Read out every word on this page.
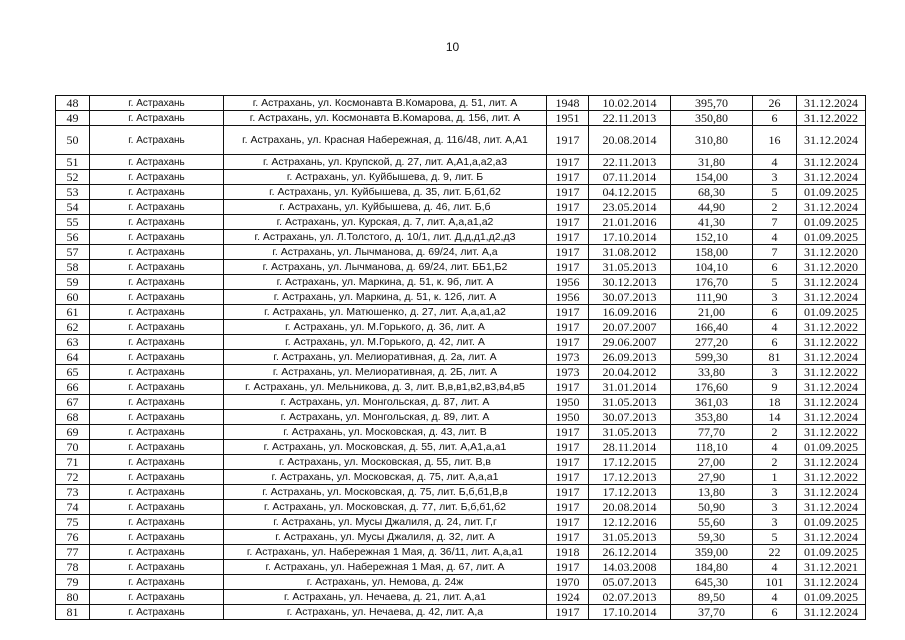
10
48	г. Астрахань	г. Астрахань, ул. Космонавта В.Комарова, д. 51, лит. А	1948	10.02.2014	395,70	26	31.12.2024
49	г. Астрахань	г. Астрахань, ул. Космонавта В.Комарова, д. 156, лит. А	1951	22.11.2013	350,80	6	31.12.2022
50	г. Астрахань	г. Астрахань, ул. Красная Набережная, д. 116/48, лит. А,А1	1917	20.08.2014	310,80	16	31.12.2024
51	г. Астрахань	г. Астрахань, ул. Крупской, д. 27, лит. А,А1,а,а2,а3	1917	22.11.2013	31,80	4	31.12.2024
52	г. Астрахань	г. Астрахань, ул. Куйбышева, д. 9, лит. Б	1917	07.11.2014	154,00	3	31.12.2024
53	г. Астрахань	г. Астрахань, ул. Куйбышева, д. 35, лит. Б,б1,б2	1917	04.12.2015	68,30	5	01.09.2025
54	г. Астрахань	г. Астрахань, ул. Куйбышева, д. 46, лит. Б,б	1917	23.05.2014	44,90	2	31.12.2024
55	г. Астрахань	г. Астрахань, ул. Курская, д. 7, лит. А,а,а1,а2	1917	21.01.2016	41,30	7	01.09.2025
56	г. Астрахань	г. Астрахань, ул. Л.Толстого, д. 10/1, лит. Д,д,д1,д2,д3	1917	17.10.2014	152,10	4	01.09.2025
57	г. Астрахань	г. Астрахань, ул. Лычманова, д. 69/24, лит. А,а	1917	31.08.2012	158,00	7	31.12.2020
58	г. Астрахань	г. Астрахань, ул. Лычманова, д. 69/24, лит. ББ1,Б2	1917	31.05.2013	104,10	6	31.12.2020
59	г. Астрахань	г. Астрахань, ул. Маркина, д. 51, к. 9б, лит. А	1956	30.12.2013	176,70	5	31.12.2024
60	г. Астрахань	г. Астрахань, ул. Маркина, д. 51, к. 12б, лит. А	1956	30.07.2013	111,90	3	31.12.2024
61	г. Астрахань	г. Астрахань, ул. Матюшенко, д. 27, лит. А,а,а1,а2	1917	16.09.2016	21,00	6	01.09.2025
62	г. Астрахань	г. Астрахань, ул. М.Горького, д. 36, лит. А	1917	20.07.2007	166,40	4	31.12.2022
63	г. Астрахань	г. Астрахань, ул. М.Горького, д. 42, лит. А	1917	29.06.2007	277,20	6	31.12.2022
64	г. Астрахань	г. Астрахань, ул. Мелиоративная, д. 2а, лит. А	1973	26.09.2013	599,30	81	31.12.2024
65	г. Астрахань	г. Астрахань, ул. Мелиоративная, д. 2Б, лит. А	1973	20.04.2012	33,80	3	31.12.2022
66	г. Астрахань	г. Астрахань, ул. Мельникова, д. 3, лит. В,в,в1,в2,в3,в4,в5	1917	31.01.2014	176,60	9	31.12.2024
67	г. Астрахань	г. Астрахань, ул. Монгольская, д. 87, лит. А	1950	31.05.2013	361,03	18	31.12.2024
68	г. Астрахань	г. Астрахань, ул. Монгольская, д. 89, лит. А	1950	30.07.2013	353,80	14	31.12.2024
69	г. Астрахань	г. Астрахань, ул. Московская, д. 43, лит. В	1917	31.05.2013	77,70	2	31.12.2022
70	г. Астрахань	г. Астрахань, ул. Московская, д. 55, лит. А,А1,а,а1	1917	28.11.2014	118,10	4	01.09.2025
71	г. Астрахань	г. Астрахань, ул. Московская, д. 55, лит. В,в	1917	17.12.2015	27,00	2	31.12.2024
72	г. Астрахань	г. Астрахань, ул. Московская, д. 75, лит. А,а,а1	1917	17.12.2013	27,90	1	31.12.2022
73	г. Астрахань	г. Астрахань, ул. Московская, д. 75, лит. Б,б,б1,В,в	1917	17.12.2013	13,80	3	31.12.2024
74	г. Астрахань	г. Астрахань, ул. Московская, д. 77, лит. Б,б,б1,б2	1917	20.08.2014	50,90	3	31.12.2024
75	г. Астрахань	г. Астрахань, ул. Мусы Джалиля, д. 24, лит. Г,г	1917	12.12.2016	55,60	3	01.09.2025
76	г. Астрахань	г. Астрахань, ул. Мусы Джалиля, д. 32, лит. А	1917	31.05.2013	59,30	5	31.12.2024
77	г. Астрахань	г. Астрахань, ул. Набережная 1 Мая, д. 36/11, лит. А,а,а1	1918	26.12.2014	359,00	22	01.09.2025
78	г. Астрахань	г. Астрахань, ул. Набережная 1 Мая, д. 67, лит. А	1917	14.03.2008	184,80	4	31.12.2021
79	г. Астрахань	г. Астрахань, ул. Немова, д. 24ж	1970	05.07.2013	645,30	101	31.12.2024
80	г. Астрахань	г. Астрахань, ул. Нечаева, д. 21, лит. А,а1	1924	02.07.2013	89,50	4	01.09.2025
81	г. Астрахань	г. Астрахань, ул. Нечаева, д. 42, лит. А,а	1917	17.10.2014	37,70	6	31.12.2024
